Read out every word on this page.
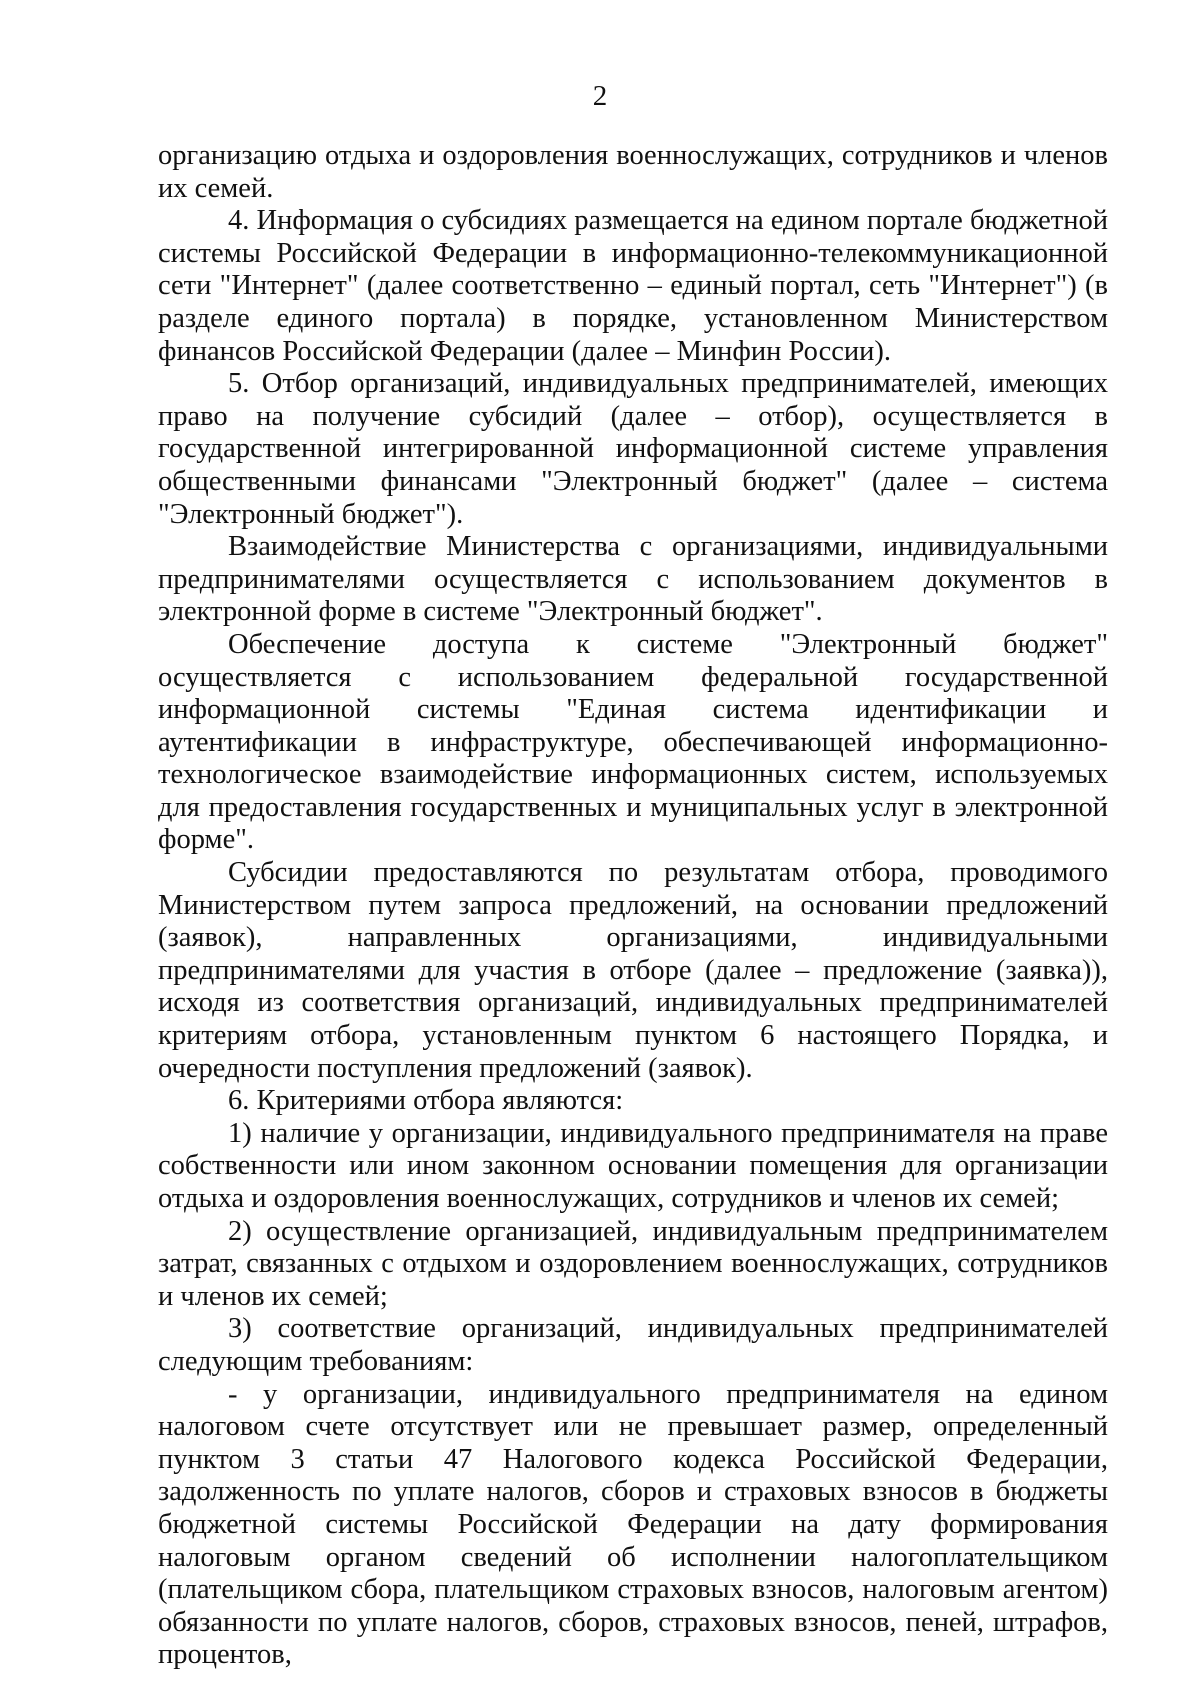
2

организацию отдыха и оздоровления военнослужащих, сотрудников и членов их семей.

4. Информация о субсидиях размещается на едином портале бюджетной системы Российской Федерации в информационно-телекоммуникационной сети "Интернет" (далее соответственно – единый портал, сеть "Интернет") (в разделе единого портала) в порядке, установленном Министерством финансов Российской Федерации (далее – Минфин России).

5. Отбор организаций, индивидуальных предпринимателей, имеющих право на получение субсидий (далее – отбор), осуществляется в государственной интегрированной информационной системе управления общественными финансами "Электронный бюджет" (далее – система "Электронный бюджет").

Взаимодействие Министерства с организациями, индивидуальными предпринимателями осуществляется с использованием документов в электронной форме в системе "Электронный бюджет".

Обеспечение доступа к системе "Электронный бюджет" осуществляется с использованием федеральной государственной информационной системы "Единая система идентификации и аутентификации в инфраструктуре, обеспечивающей информационно-технологическое взаимодействие информационных систем, используемых для предоставления государственных и муниципальных услуг в электронной форме".

Субсидии предоставляются по результатам отбора, проводимого Министерством путем запроса предложений, на основании предложений (заявок), направленных организациями, индивидуальными предпринимателями для участия в отборе (далее – предложение (заявка)), исходя из соответствия организаций, индивидуальных предпринимателей критериям отбора, установленным пунктом 6 настоящего Порядка, и очередности поступления предложений (заявок).

6. Критериями отбора являются:

1) наличие у организации, индивидуального предпринимателя на праве собственности или ином законном основании помещения для организации отдыха и оздоровления военнослужащих, сотрудников и членов их семей;

2) осуществление организацией, индивидуальным предпринимателем затрат, связанных с отдыхом и оздоровлением военнослужащих, сотрудников и членов их семей;

3) соответствие организаций, индивидуальных предпринимателей следующим требованиям:

- у организации, индивидуального предпринимателя на едином налоговом счете отсутствует или не превышает размер, определенный пунктом 3 статьи 47 Налогового кодекса Российской Федерации, задолженность по уплате налогов, сборов и страховых взносов в бюджеты бюджетной системы Российской Федерации на дату формирования налоговым органом сведений об исполнении налогоплательщиком (плательщиком сбора, плательщиком страховых взносов, налоговым агентом) обязанности по уплате налогов, сборов, страховых взносов, пеней, штрафов, процентов,
